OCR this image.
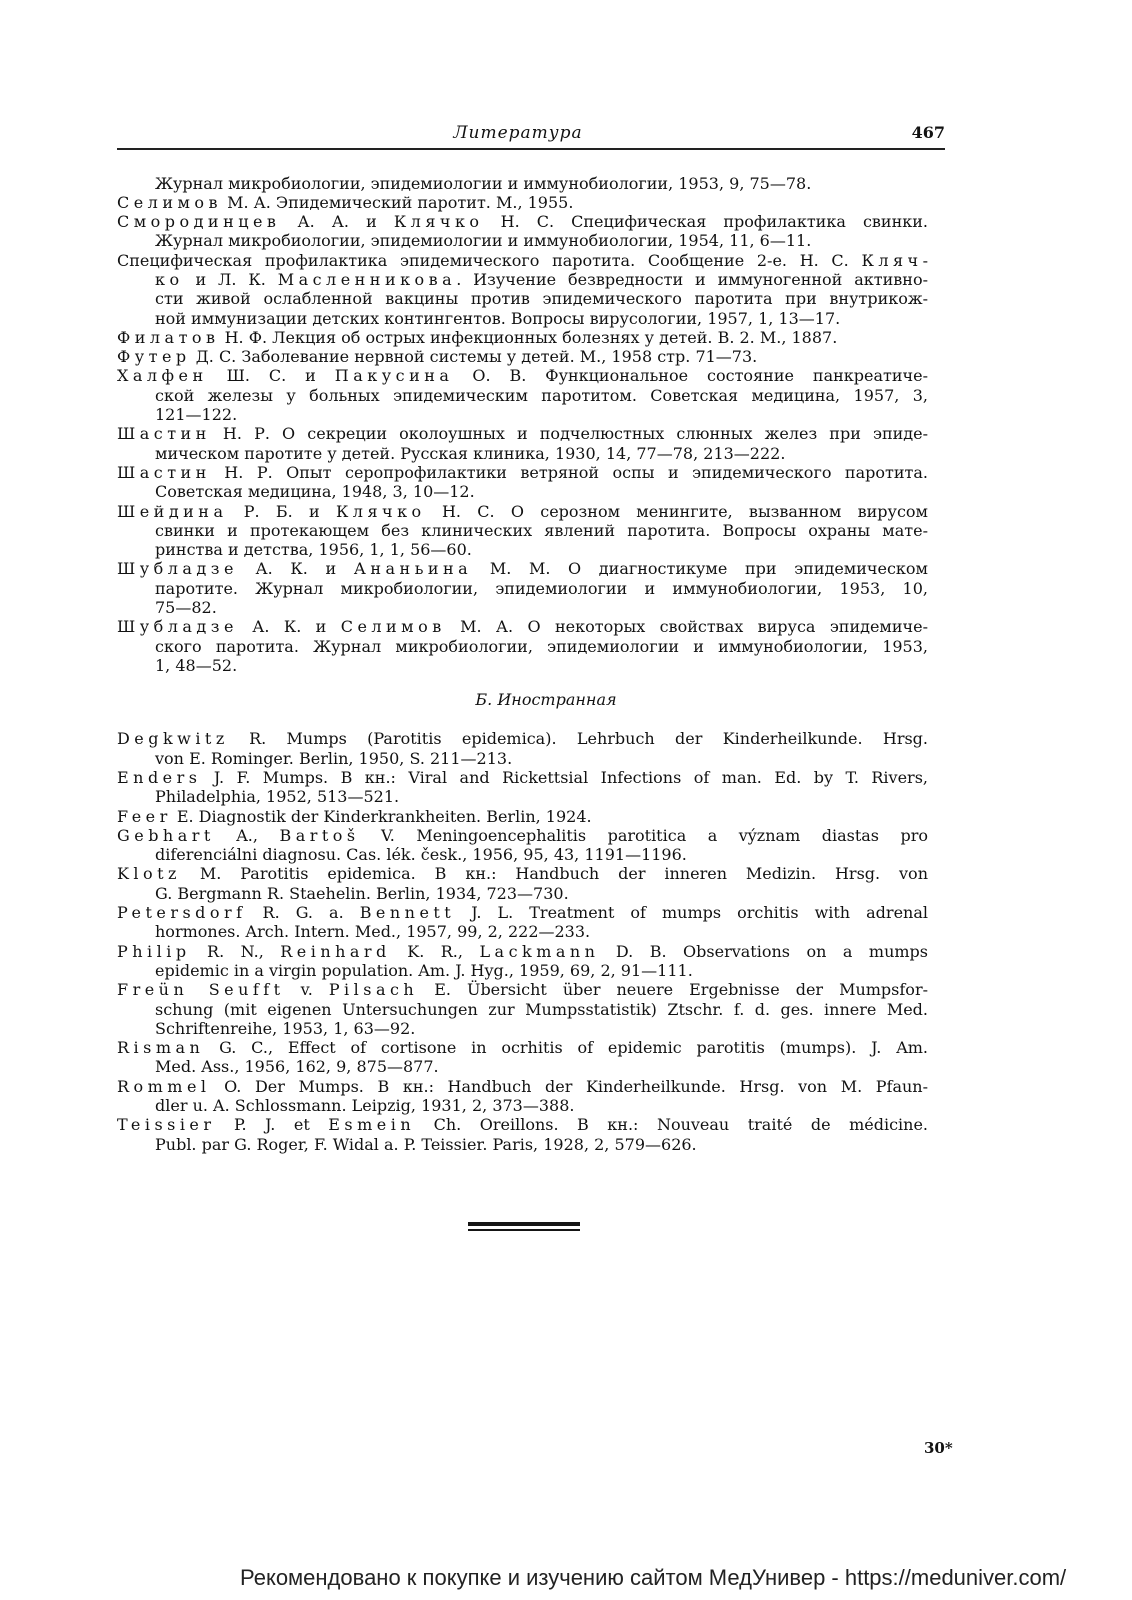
Литература	467
Журнал микробиологии, эпидемиологии и иммунобиологии, 1953, 9, 75—78.
Селимов М. А. Эпидемический паротит. М., 1955.
Смородинцев А. А. и Клячко Н. С. Специфическая профилактика свинки.
Журнал микробиологии, эпидемиологии и иммунобиологии, 1954, 11, 6—11.
Специфическая профилактика эпидемического паротита. Сообщение 2-е. Н. С. Кляч-
ко и Л. К. Масленникова. Изучение безвредности и иммуногенной активно-
сти живой ослабленной вакцины против эпидемического паротита при внутрикож-
ной иммунизации детских контингентов. Вопросы вирусологии, 1957, 1, 13—17.
Филатов Н. Ф. Лекция об острых инфекционных болезнях у детей. В. 2. М., 1887.
Футер Д. С. Заболевание нервной системы у детей. М., 1958 стр. 71—73.
Халфен Ш. С. и Пакусина О. В. Функциональное состояние панкреатиче-
ской железы у больных эпидемическим паротитом. Советская медицина, 1957, 3,
121—122.
Шастин Н. Р. О секреции околоушных и подчелюстных слюнных желез при эпиде-
мическом паротите у детей. Русская клиника, 1930, 14, 77—78, 213—222.
Шастин Н. Р. Опыт серопрофилактики ветряной оспы и эпидемического паротита.
Советская медицина, 1948, 3, 10—12.
Шейдина Р. Б. и Клячко Н. С. О серозном менингите, вызванном вирусом
свинки и протекающем без клинических явлений паротита. Вопросы охраны мате-
ринства и детства, 1956, 1, 1, 56—60.
Шубладзе А. К. и Ананьина М. М. О диагностикуме при эпидемическом
паротите. Журнал микробиологии, эпидемиологии и иммунобиологии, 1953, 10,
75—82.
Шубладзе А. К. и Селимов М. А. О некоторых свойствах вируса эпидемиче-
ского паротита. Журнал микробиологии, эпидемиологии и иммунобиологии, 1953,
1, 48—52.
Б. Иностранная
Degkwitz R. Mumps (Parotitis epidemica). Lehrbuch der Kinderheilkunde. Hrsg.
von E. Rominger. Berlin, 1950, S. 211—213.
Enders J. F. Mumps. В кн.: Viral and Rickettsial Infections of man. Ed. by T. Rivers,
Philadelphia, 1952, 513—521.
Feer E. Diagnostik der Kinderkrankheiten. Berlin, 1924.
Gebhart A., Bartoš V. Meningoencephalitis parotitica a význam diastas pro
diferenciálni diagnosu. Cas. lék. česk., 1956, 95, 43, 1191—1196.
Klotz M. Parotitis epidemica. В кн.: Handbuch der inneren Medizin. Hrsg. von
G. Bergmann R. Staehelin. Berlin, 1934, 723—730.
Petersdorf R. G. a. Bennett J. L. Treatment of mumps orchitis with adrenal
hormones. Arch. Intern. Med., 1957, 99, 2, 222—233.
Philip R. N., Reinhard K. R., Lackmann D. B. Observations on a mumps
epidemic in a virgin population. Am. J. Hyg., 1959, 69, 2, 91—111.
Freün Seufft v. Pilsach E. Übersicht über neuere Ergebnisse der Mumpsfor-
schung (mit eigenen Untersuchungen zur Mumpsstatistik) Ztschr. f. d. ges. innere Med.
Schriftenreihe, 1953, 1, 63—92.
Risman G. C., Effect of cortisone in ocrhitis of epidemic parotitis (mumps). J. Am.
Med. Ass., 1956, 162, 9, 875—877.
Rommel O. Der Mumps. В кн.: Handbuch der Kinderheilkunde. Hrsg. von M. Pfaun-
dler u. A. Schlossmann. Leipzig, 1931, 2, 373—388.
Teissier P. J. et Esmein Ch. Oreillons. В кн.: Nouveau traité de médicine.
Publ. par G. Roger, F. Widal a. P. Teissier. Paris, 1928, 2, 579—626.
30*
Рекомендовано к покупке и изучению сайтом МедУнивер - https://meduniver.com/
